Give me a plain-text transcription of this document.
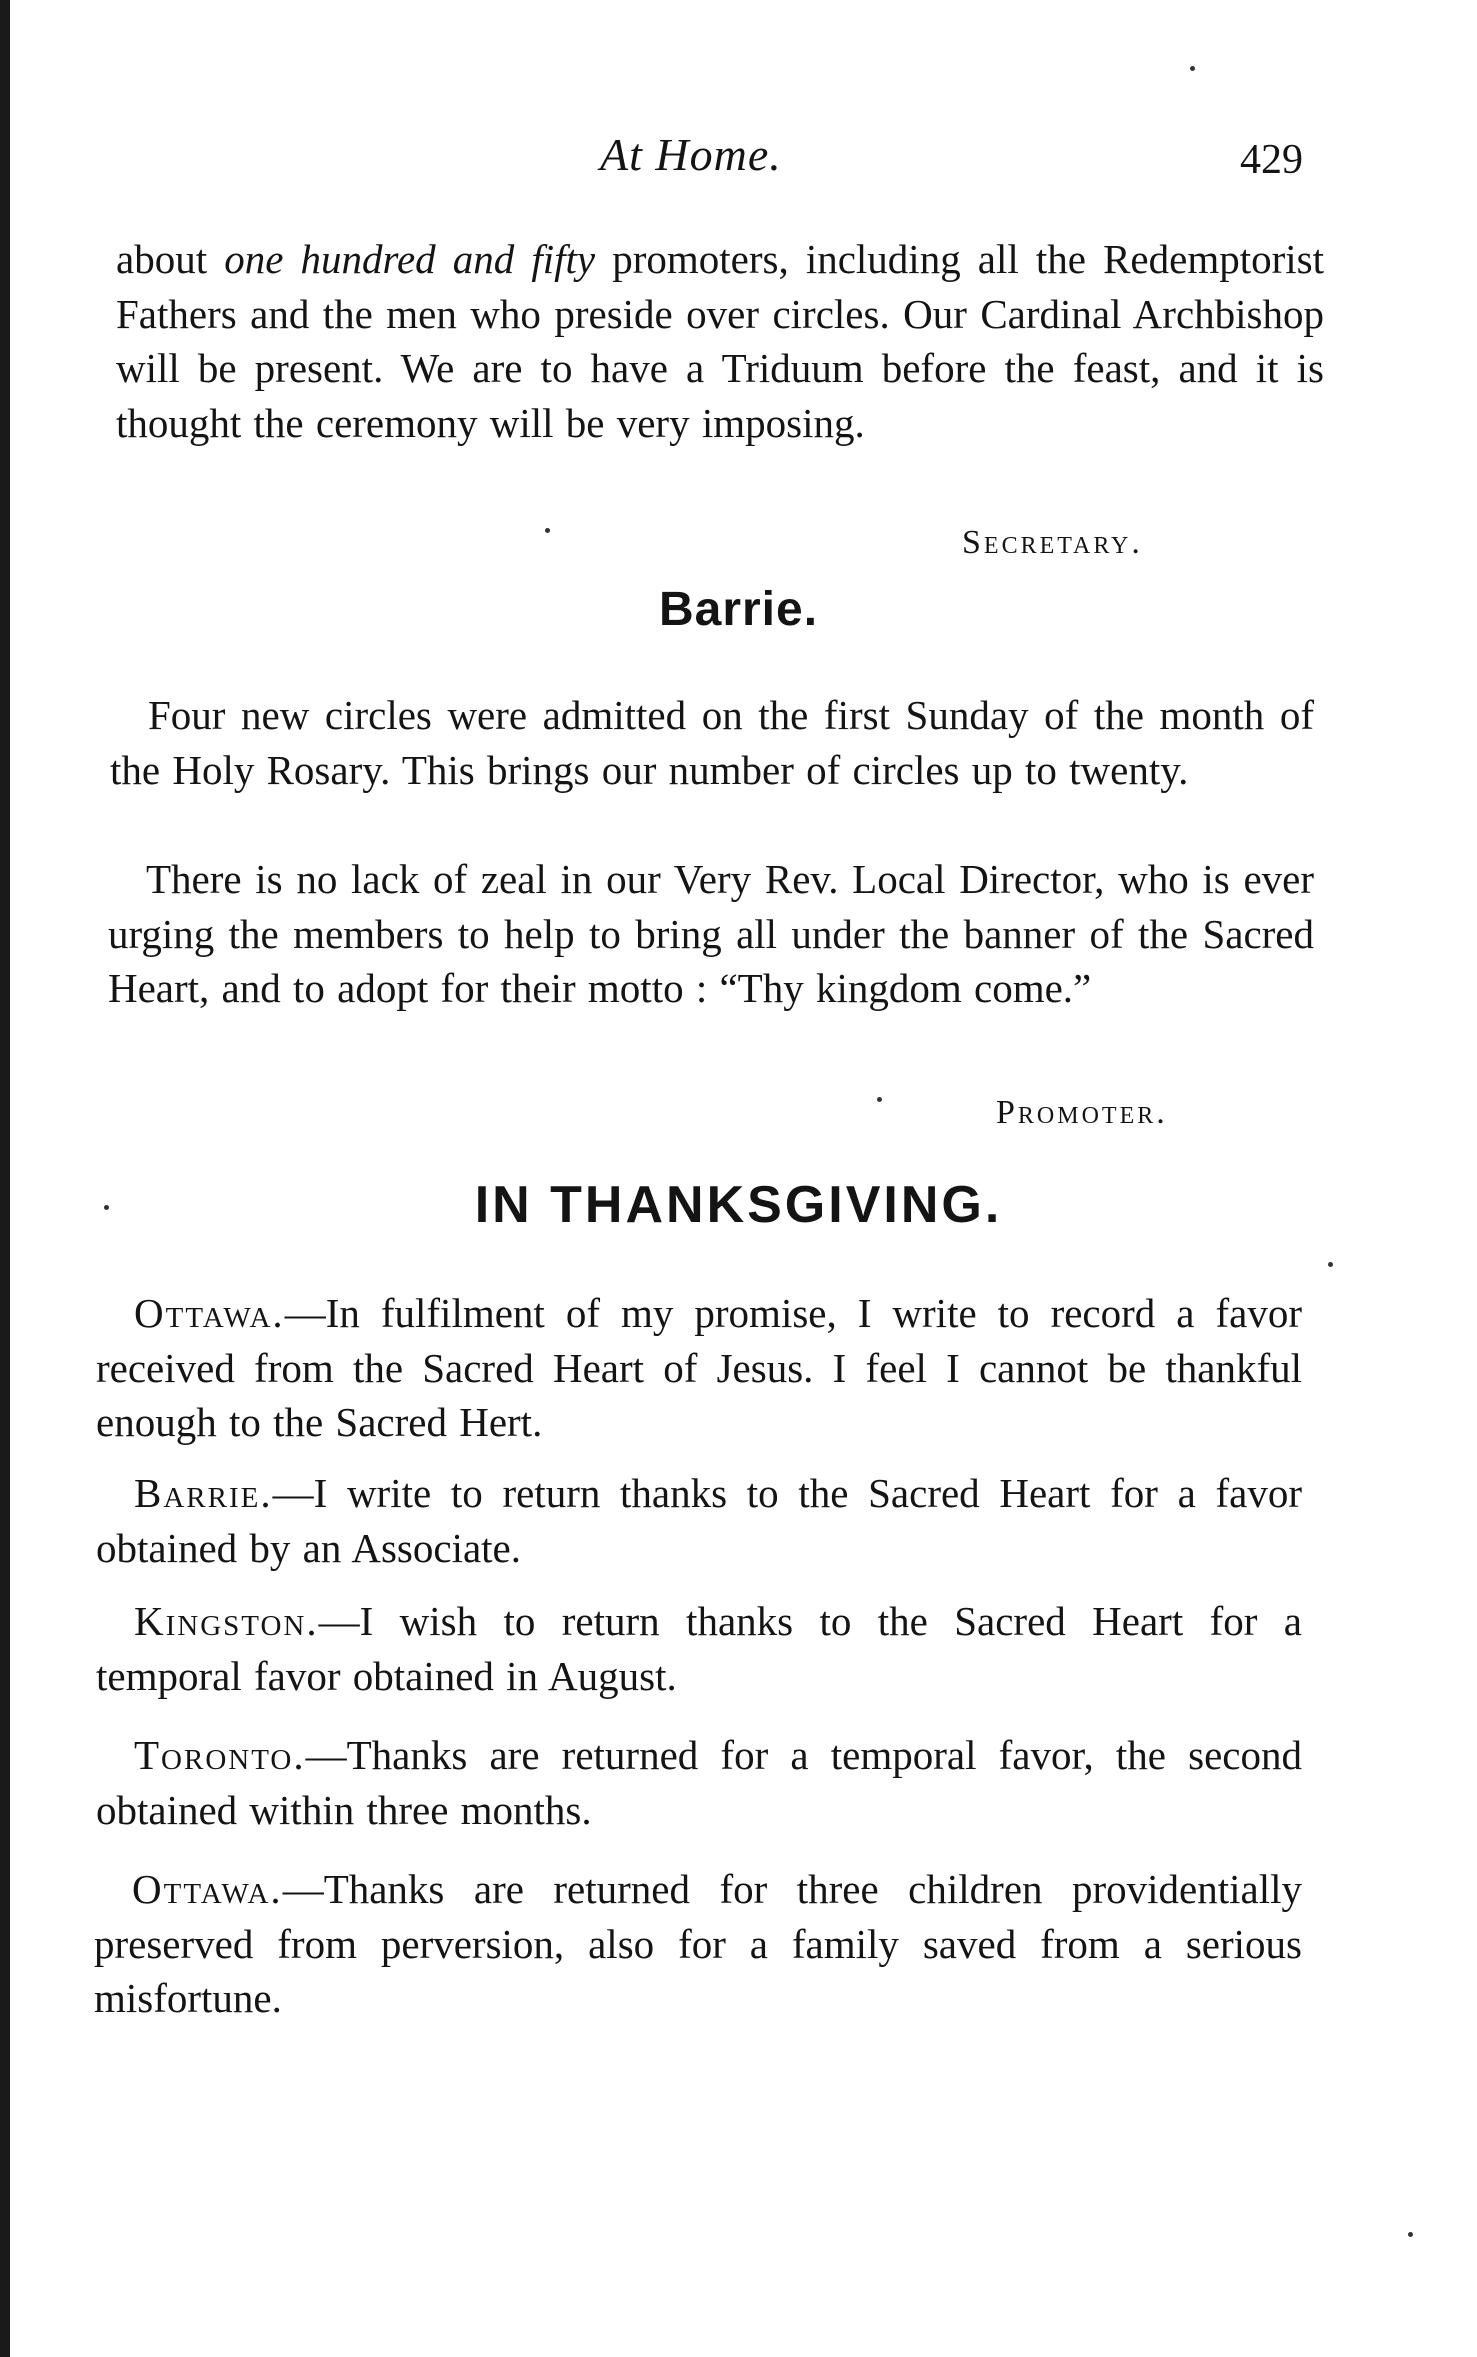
At Home.	429

about one hundred and fifty promoters, including all the Redemptorist Fathers and the men who preside over circles. Our Cardinal Archbishop will be present. We are to have a Triduum before the feast, and it is thought the ceremony will be very imposing.

Secretary.
Barrie.

Four new circles were admitted on the first Sunday of the month of the Holy Rosary. This brings our number of circles up to twenty.

There is no lack of zeal in our Very Rev. Local Director, who is ever urging the members to help to bring all under the banner of the Sacred Heart, and to adopt for their motto : “Thy kingdom come.”

Promoter.
IN THANKSGIVING.

Ottawa.—In fulfilment of my promise, I write to record a favor received from the Sacred Heart of Jesus. I feel I cannot be thankful enough to the Sacred Hert.

Barrie.—I write to return thanks to the Sacred Heart for a favor obtained by an Associate.

Kingston.—I wish to return thanks to the Sacred Heart for a temporal favor obtained in August.

Toronto.—Thanks are returned for a temporal favor, the second obtained within three months.

Ottawa.—Thanks are returned for three children providentially preserved from perversion, also for a family saved from a serious misfortune.
